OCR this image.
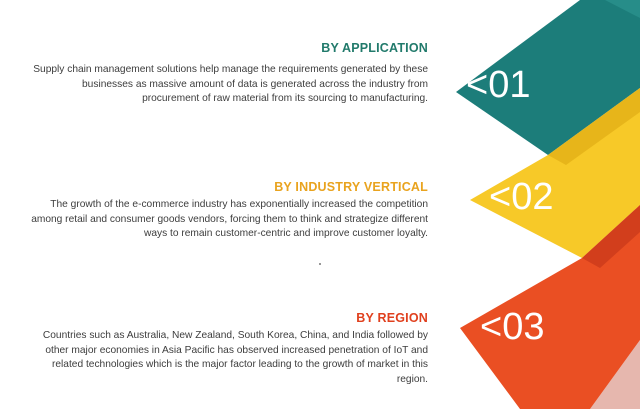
<01
<02
<03
BY APPLICATION
Supply chain management solutions help manage the requirements generated by these businesses as massive amount of data is generated across the industry from procurement of raw material from its sourcing to manufacturing.
BY INDUSTRY VERTICAL
The growth of the e-commerce industry has exponentially increased the competition among retail and consumer goods vendors, forcing them to think and strategize different ways to remain customer-centric and improve customer loyalty.
BY REGION
Countries such as Australia, New Zealand, South Korea, China, and India followed by other major economies in Asia Pacific has observed increased penetration of IoT and related technologies which is the major factor leading to the growth of market in this region.
